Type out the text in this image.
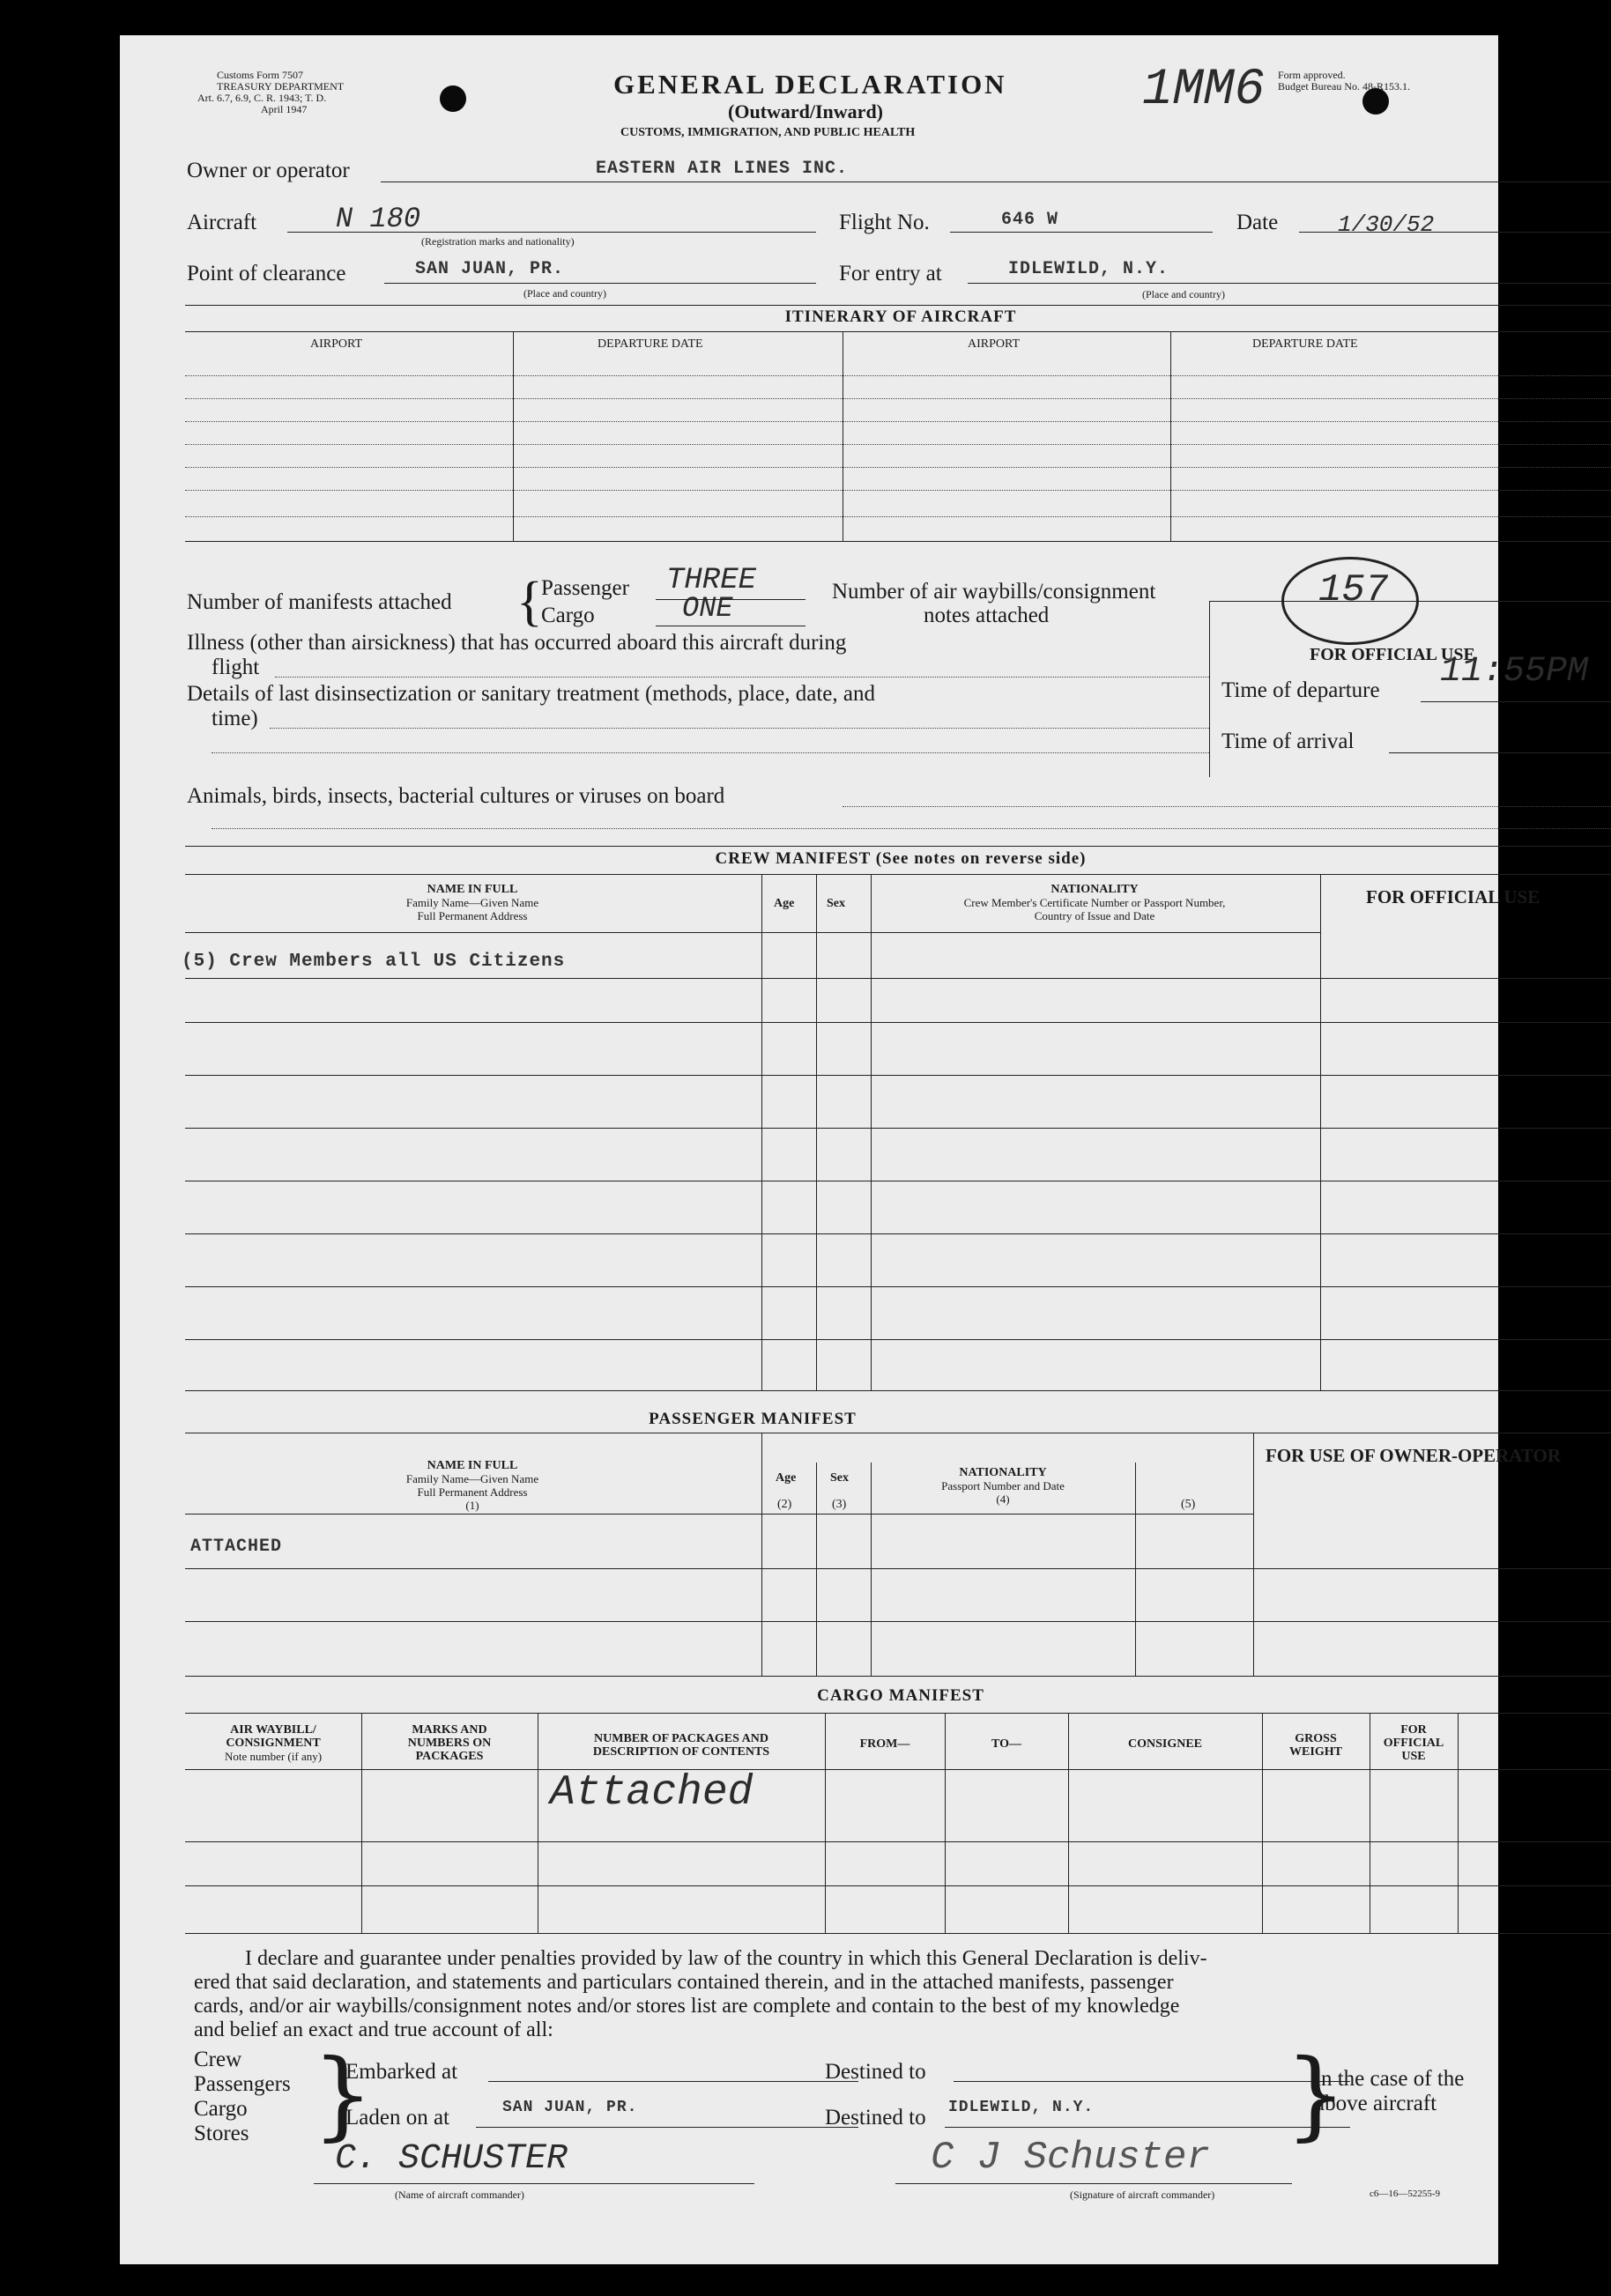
Customs Form 7507
TREASURY DEPARTMENT
Art. 6.7, 6.9, C. R. 1943; T. D.
April 1947
Form approved.
Budget Bureau No. 48-R153.1.
GENERAL DECLARATION
(Outward/Inward)
CUSTOMS, IMMIGRATION, AND PUBLIC HEALTH
1MM6
Owner or operator	EASTERN AIR LINES INC.
Aircraft	N 180
(Registration marks and nationality)
Flight No.	646 W	Date	1/30/52
Point of clearance	SAN JUAN, PR.
(Place and country)
For entry at	IDLEWILD, N.Y.
(Place and country)
ITINERARY OF AIRCRAFT
AIRPORT	DEPARTURE DATE	AIRPORT	DEPARTURE DATE
Number of manifests attached {
Passenger THREE
Cargo	ONE
Number of air waybills/consignment
notes attached
157
Illness (other than airsickness) that has occurred aboard this aircraft during
flight
Details of last disinsectization or sanitary treatment (methods, place, date, and
time)
Animals, birds, insects, bacterial cultures or viruses on board
FOR OFFICIAL USE
Time of departure 11:55PM
Time of arrival
CREW MANIFEST (See notes on reverse side)
NAME IN FULL
Family Name—Given Name
Full Permanent Address
Age	Sex
NATIONALITY
Crew Member's Certificate Number or Passport Number,
Country of Issue and Date
FOR OFFICIAL USE
(5) Crew Members all US Citizens
PASSENGER MANIFEST
NAME IN FULL
Family Name—Given Name
Full Permanent Address
(1)
Age
(2)
Sex
(3)
NATIONALITY
Passport Number and Date
(4)	(5)
FOR USE OF OWNER-OPERATOR
ATTACHED
CARGO MANIFEST
AIR WAYBILL/
CONSIGNMENT
Note number (if any)
MARKS AND
NUMBERS ON
PACKAGES
NUMBER OF PACKAGES AND
DESCRIPTION OF CONTENTS
FROM—	TO—	CONSIGNEE	GROSS
WEIGHT
FOR
OFFICIAL
USE
Attached
I declare and guarantee under penalties provided by law of the country in which this General Declaration is deliv-
ered that said declaration, and statements and particulars contained therein, and in the attached manifests, passenger
cards, and/or air waybills/consignment notes and/or stores list are complete and contain to the best of my knowledge
and belief an exact and true account of all:
Crew
Passengers
Cargo
Stores }
Embarked at
Laden on at	SAN JUAN, PR.
Destined to
Destined to IDLEWILD, N.Y. }
in the case of the
above aircraft
C. SCHUSTER
(Name of aircraft commander)
C J Schuster
(Signature of aircraft commander)	c6—16—52255-9
